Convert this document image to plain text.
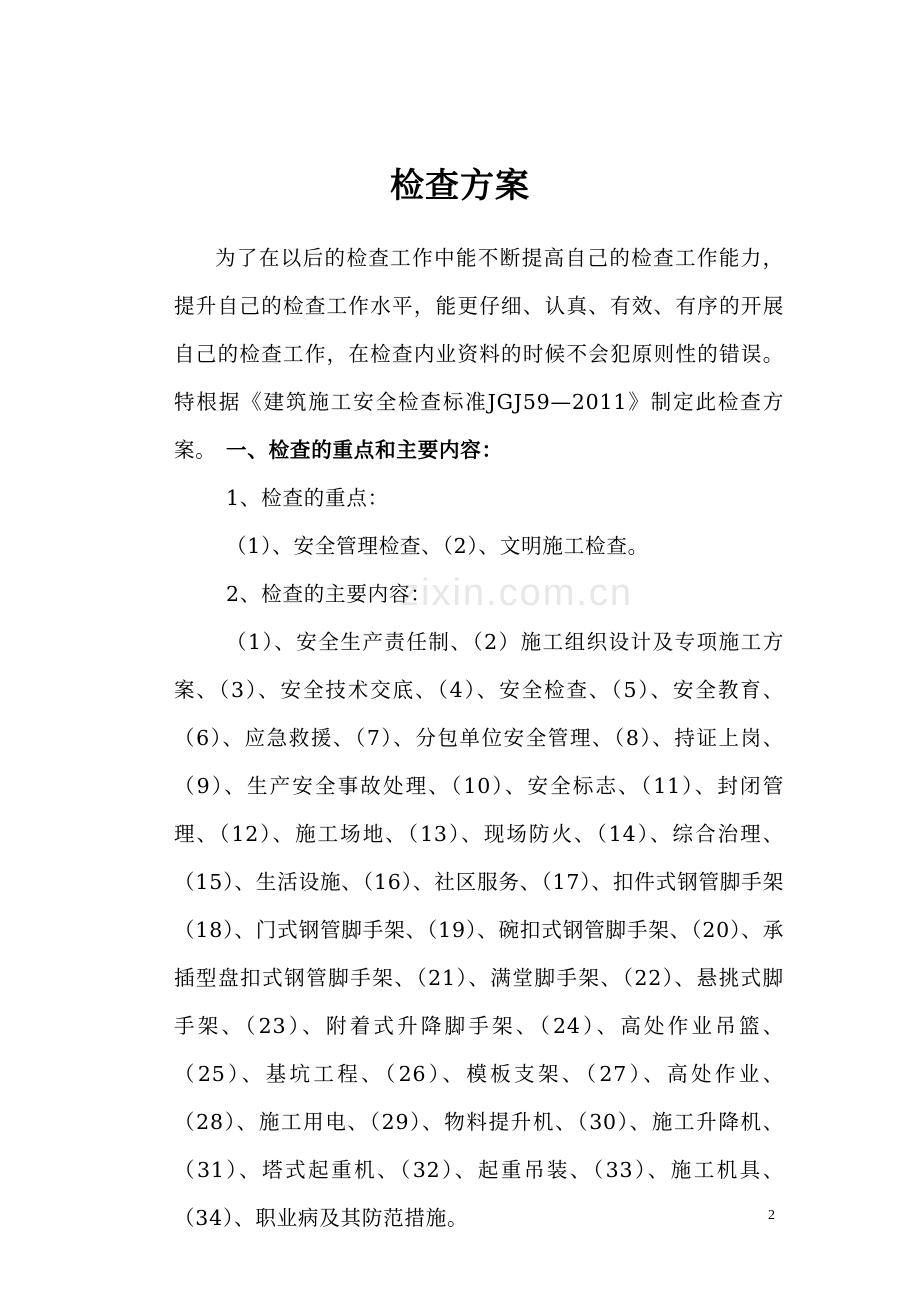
检查方案
为了在以后的检查工作中能不断提高自己的检查工作能力，提升自己的检查工作水平，能更仔细、认真、有效、有序的开展自己的检查工作，在检查内业资料的时候不会犯原则性的错误。特根据《建筑施工安全检查标准JGJ59—2011》制定此检查方案。 一、检查的重点和主要内容：
1、检查的重点：
（1）、安全管理检查、（2）、文明施工检查。
2、检查的主要内容：
（1）、安全生产责任制、（2）施工组织设计及专项施工方案、（3）、安全技术交底、（4）、安全检查、（5）、安全教育、（6）、应急救援、（7）、分包单位安全管理、（8）、持证上岗、（9）、生产安全事故处理、（10）、安全标志、（11）、封闭管理、（12）、施工场地、（13）、现场防火、（14）、综合治理、（15）、生活设施、（16）、社区服务、（17）、扣件式钢管脚手架（18）、门式钢管脚手架、（19）、碗扣式钢管脚手架、（20）、承插型盘扣式钢管脚手架、（21）、满堂脚手架、（22）、悬挑式脚手架、（23）、附着式升降脚手架、（24）、高处作业吊篮、（25）、基坑工程、（26）、模板支架、（27）、高处作业、（28）、施工用电、（29）、物料提升机、（30）、施工升降机、（31）、塔式起重机、（32）、起重吊装、（33）、施工机具、（34）、职业病及其防范措施。
zixin.com.cn
2
